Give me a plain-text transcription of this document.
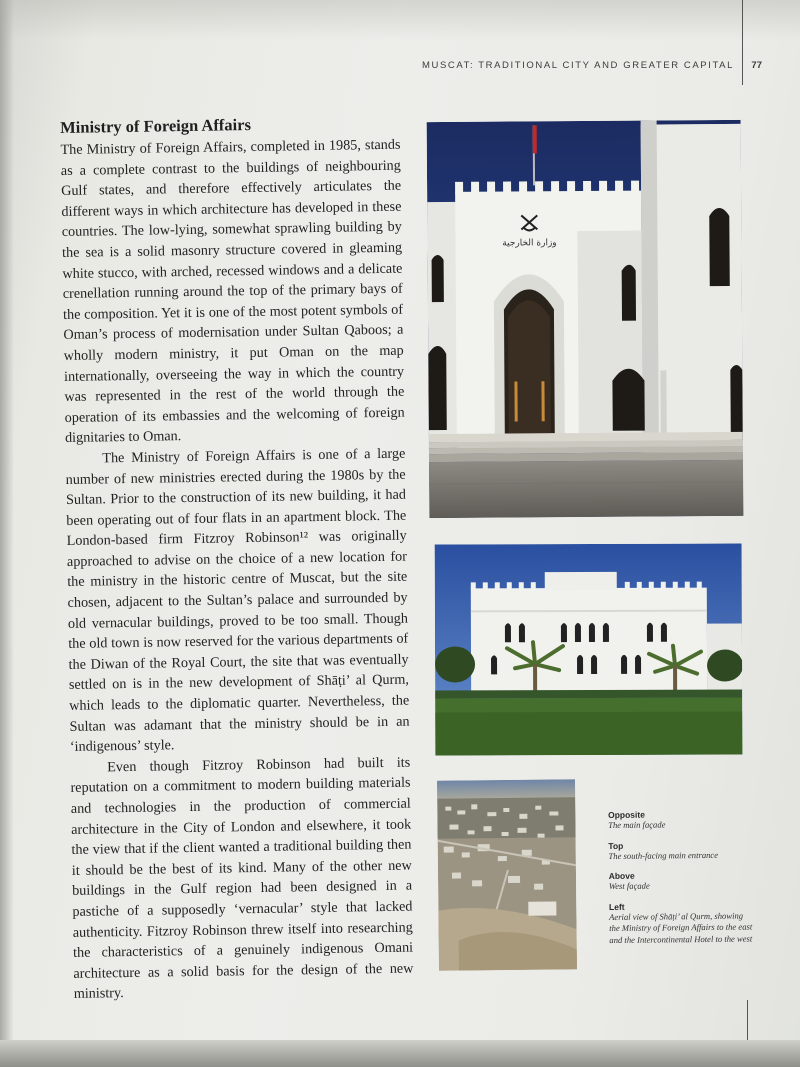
MUSCAT: TRADITIONAL CITY AND GREATER CAPITAL 77
Ministry of Foreign Affairs

The Ministry of Foreign Affairs, completed in 1985, stands as a complete contrast to the buildings of neighbouring Gulf states, and therefore effectively articulates the different ways in which architecture has developed in these countries. The low-lying, somewhat sprawling building by the sea is a solid masonry structure covered in gleaming white stucco, with arched, recessed windows and a delicate crenellation running around the top of the primary bays of the composition. Yet it is one of the most potent symbols of Oman’s process of modernisation under Sultan Qaboos; a wholly modern ministry, it put Oman on the map internationally, overseeing the way in which the country was represented in the rest of the world through the operation of its embassies and the welcoming of foreign dignitaries to Oman.

The Ministry of Foreign Affairs is one of a large number of new ministries erected during the 1980s by the Sultan. Prior to the construction of its new building, it had been operating out of four flats in an apartment block. The London-based firm Fitzroy Robinson¹² was originally approached to advise on the choice of a new location for the ministry in the historic centre of Muscat, but the site chosen, adjacent to the Sultan’s palace and surrounded by old vernacular buildings, proved to be too small. Though the old town is now reserved for the various departments of the Diwan of the Royal Court, the site that was eventually settled on is in the new development of Shāṭi’ al Qurm, which leads to the diplomatic quarter. Nevertheless, the Sultan was adamant that the ministry should be in an ‘indigenous’ style.

Even though Fitzroy Robinson had built its reputation on a commitment to modern building materials and technologies in the production of commercial architecture in the City of London and elsewhere, it took the view that if the client wanted a traditional building then it should be the best of its kind. Many of the other new buildings in the Gulf region had been designed in a pastiche of a supposedly ‘vernacular’ style that lacked authenticity. Fitzroy Robinson threw itself into researching the characteristics of a genuinely indigenous Omani architecture as a solid basis for the design of the new ministry.

وزارة الخارجية
Opposite
The main façade
Top
The south-facing main entrance
Above
West façade
Left
Aerial view of Shāṭi’ al Qurm, showing the Ministry of Foreign Affairs to the east and the Intercontinental Hotel to the west
